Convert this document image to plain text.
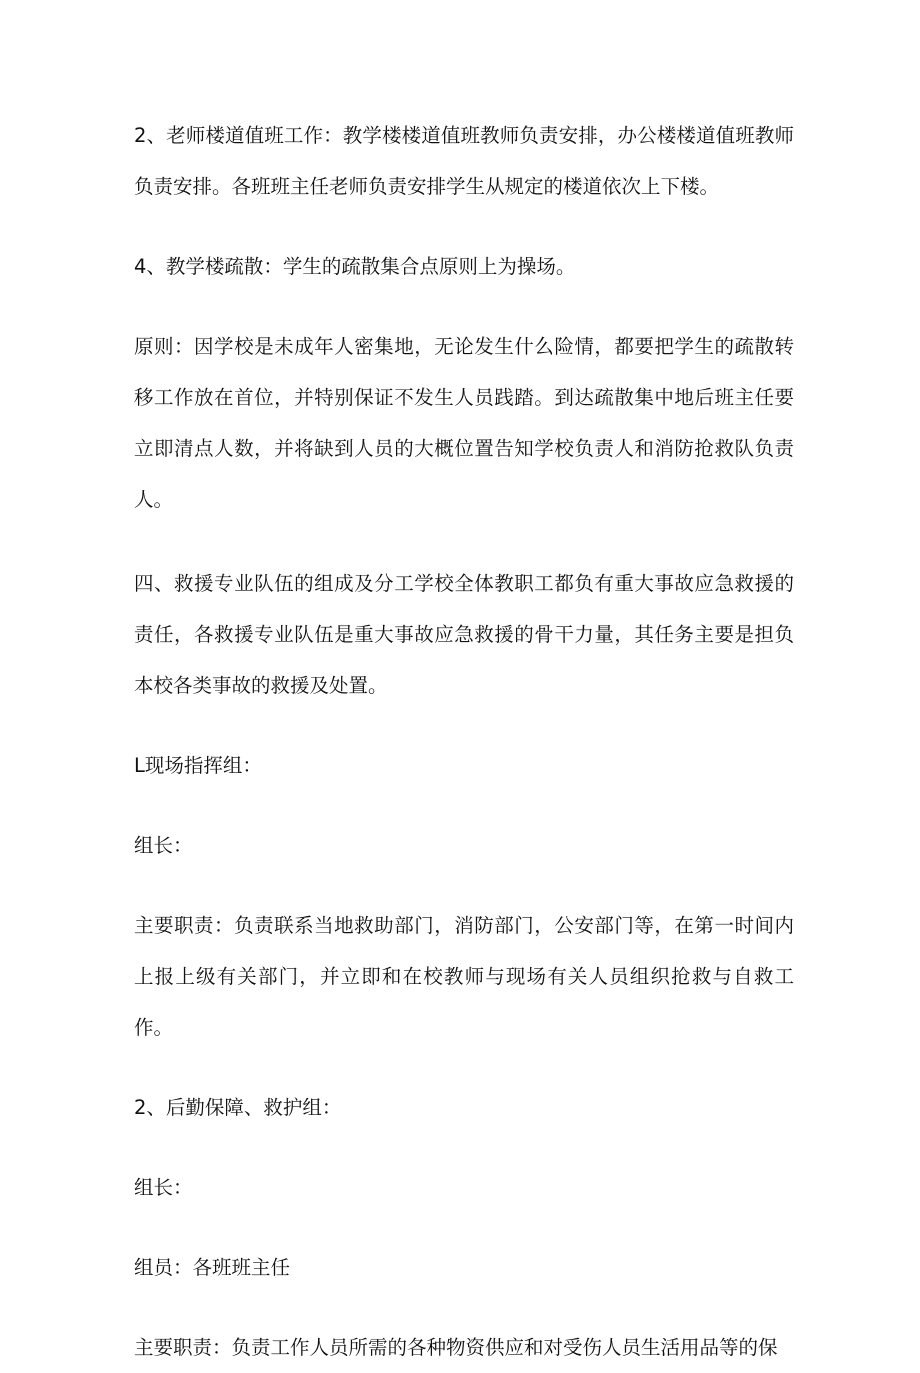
2、老师楼道值班工作：教学楼楼道值班教师负责安排，办公楼楼道值班教师负责安排。各班班主任老师负责安排学生从规定的楼道依次上下楼。

4、教学楼疏散：学生的疏散集合点原则上为操场。

原则：因学校是未成年人密集地，无论发生什么险情，都要把学生的疏散转移工作放在首位，并特别保证不发生人员践踏。到达疏散集中地后班主任要立即清点人数，并将缺到人员的大概位置告知学校负责人和消防抢救队负责人。

四、救援专业队伍的组成及分工学校全体教职工都负有重大事故应急救援的责任，各救援专业队伍是重大事故应急救援的骨干力量，其任务主要是担负本校各类事故的救援及处置。

L现场指挥组：

组长：

主要职责：负责联系当地救助部门，消防部门，公安部门等，在第一时间内上报上级有关部门，并立即和在校教师与现场有关人员组织抢救与自救工作。

2、后勤保障、救护组：

组长：

组员：各班班主任

主要职责：负责工作人员所需的各种物资供应和对受伤人员生活用品等的保
